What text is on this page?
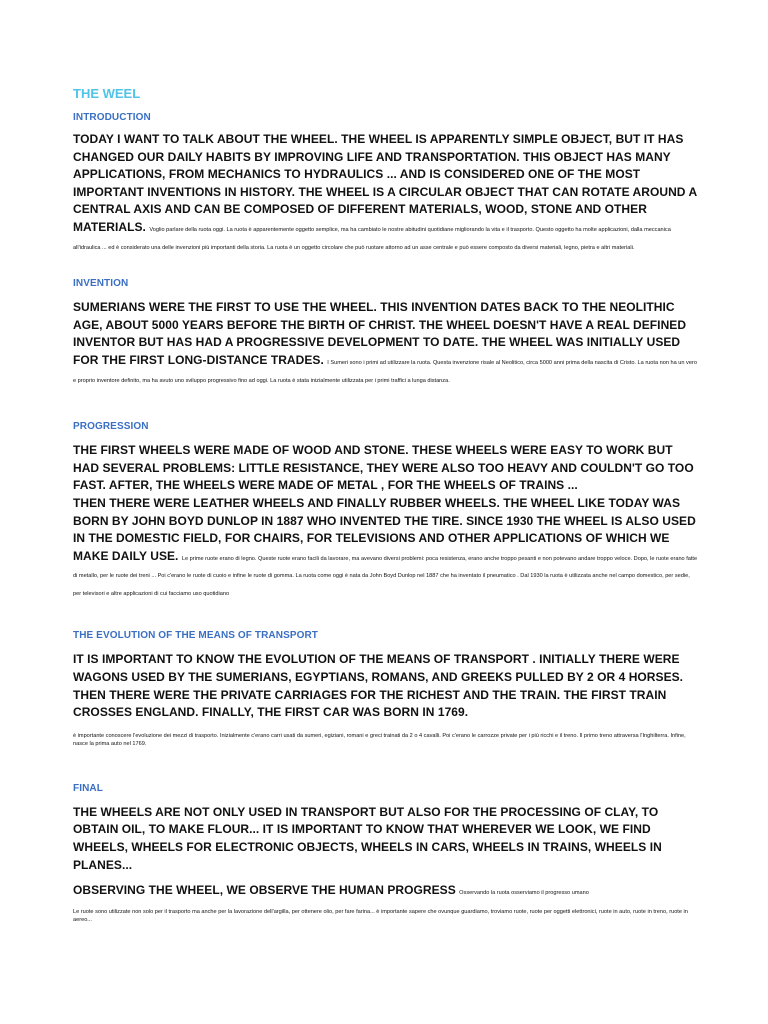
THE WEEL
INTRODUCTION

TODAY I WANT TO TALK ABOUT THE WHEEL. THE WHEEL IS APPARENTLY SIMPLE OBJECT, BUT IT HAS CHANGED OUR DAILY HABITS BY IMPROVING LIFE AND TRANSPORTATION. THIS OBJECT HAS MANY APPLICATIONS, FROM MECHANICS TO HYDRAULICS ... AND IS CONSIDERED ONE OF THE MOST IMPORTANT INVENTIONS IN HISTORY. THE WHEEL IS A CIRCULAR OBJECT THAT CAN ROTATE AROUND A CENTRAL AXIS AND CAN BE COMPOSED OF DIFFERENT MATERIALS, WOOD, STONE AND OTHER MATERIALS. Voglio parlare della ruota oggi. La ruota è apparentemente oggetto semplice, ma ha cambiato le nostre abitudini quotidiane migliorando la vita e il trasporto. Questo oggetto ha molte applicazioni, dalla meccanica all'idraulica ... ed è considerato una delle invenzioni più importanti della storia. La ruota è un oggetto circolare che può ruotare attorno ad un asse centrale e può essere composto da diversi materiali, legno, pietra e altri materiali.

INVENTION

SUMERIANS WERE THE FIRST TO USE THE WHEEL. THIS INVENTION DATES BACK TO THE NEOLITHIC AGE, ABOUT 5000 YEARS BEFORE THE BIRTH OF CHRIST. THE WHEEL DOESN'T HAVE A REAL DEFINED INVENTOR BUT HAS HAD A PROGRESSIVE DEVELOPMENT TO DATE. THE WHEEL WAS INITIALLY USED FOR THE FIRST LONG-DISTANCE TRADES. I Sumeri sono i primi ad utilizzare la ruota. Questa invenzione risale al Neolitico, circa 5000 anni prima della nascita di Cristo. La ruota non ha un vero e proprio inventore definito, ma ha avuto uno sviluppo progressivo fino ad oggi. La ruota è stata inizialmente utilizzata per i primi traffici a lunga distanza.

PROGRESSION

THE FIRST WHEELS WERE MADE OF WOOD AND STONE. THESE WHEELS WERE EASY TO WORK BUT HAD SEVERAL PROBLEMS: LITTLE RESISTANCE, THEY WERE ALSO TOO HEAVY AND COULDN'T GO TOO FAST. AFTER, THE WHEELS WERE MADE OF METAL , FOR THE WHEELS OF TRAINS ...

THEN THERE WERE LEATHER WHEELS AND FINALLY RUBBER WHEELS. THE WHEEL LIKE TODAY WAS BORN BY JOHN BOYD DUNLOP IN 1887 WHO INVENTED THE TIRE. SINCE 1930 THE WHEEL IS ALSO USED IN THE DOMESTIC FIELD, FOR CHAIRS, FOR TELEVISIONS AND OTHER APPLICATIONS OF WHICH WE MAKE DAILY USE. Le prime ruote erano di legno. Queste ruote erano facili da lavorare, ma avevano diversi problemi: poca resistenza, erano anche troppo pesanti e non potevano andare troppo veloce. Dopo, le ruote erano fatte di metallo, per le ruote dei treni ... Poi c'erano le ruote di cuoio e infine le ruote di gomma. La ruota come oggi è nata da John Boyd Dunlop nel 1887 che ha inventato il pneumatico . Dal 1930 la ruota è utilizzata anche nel campo domestico, per sedie, per televisori e altre applicazioni di cui facciamo uso quotidiano

THE EVOLUTION OF THE MEANS OF TRANSPORT

IT IS IMPORTANT TO KNOW THE EVOLUTION OF THE MEANS OF TRANSPORT . INITIALLY THERE WERE WAGONS USED BY THE SUMERIANS, EGYPTIANS, ROMANS, AND GREEKS PULLED BY 2 OR 4 HORSES. THEN THERE WERE THE PRIVATE CARRIAGES FOR THE RICHEST AND THE TRAIN. THE FIRST TRAIN CROSSES ENGLAND. FINALLY, THE FIRST CAR WAS BORN IN 1769.

è importante conoscere l'evoluzione dei mezzi di trasporto. Inizialmente c'erano carri usati da sumeri, egiziani, romani e greci trainati da 2 o 4 cavalli. Poi c'erano le carrozze private per i più ricchi e il treno. Il primo treno attraversa l'Inghilterra. Infine, nasce la prima auto nel 1769.

FINAL

THE WHEELS ARE NOT ONLY USED IN TRANSPORT BUT ALSO FOR THE PROCESSING OF CLAY, TO OBTAIN OIL, TO MAKE FLOUR... IT IS IMPORTANT TO KNOW THAT WHEREVER WE LOOK, WE FIND WHEELS, WHEELS FOR ELECTRONIC OBJECTS, WHEELS IN CARS, WHEELS IN TRAINS, WHEELS IN PLANES...

OBSERVING THE WHEEL, WE OBSERVE THE HUMAN PROGRESS Osservando la ruota osserviamo il progresso umano

Le ruote sono utilizzate non solo per il trasporto ma anche per la lavorazione dell'argilla, per ottenere olio, per fare farina... è importante sapere che ovunque guardiamo, troviamo ruote, ruote per oggetti elettronici, ruote in auto, ruote in treno, ruote in aereo...
